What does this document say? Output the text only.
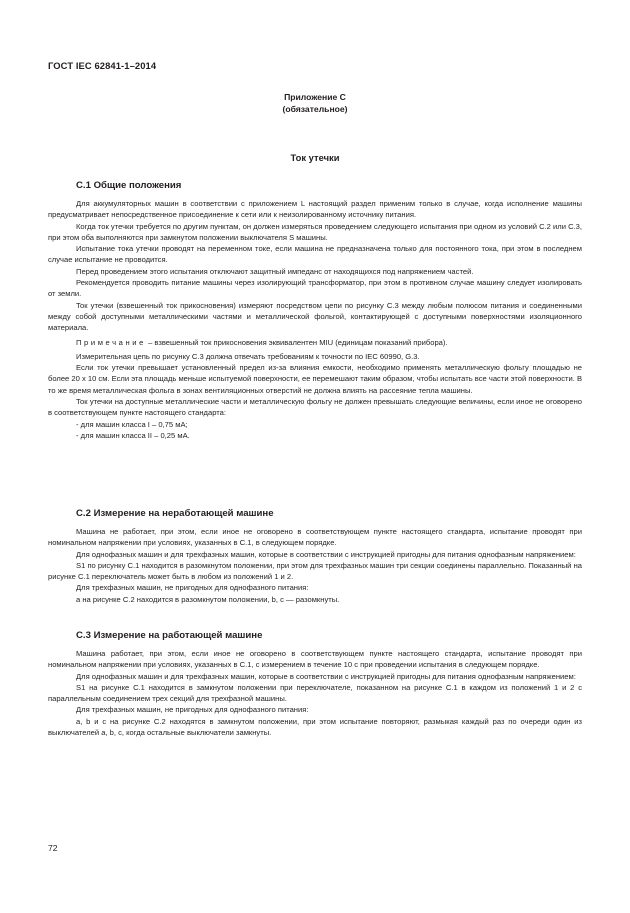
ГОСТ IEC 62841-1–2014
Приложение С
(обязательное)
Ток утечки
С.1 Общие положения

Для аккумуляторных машин в соответствии с приложением L настоящий раздел применим только в случае, когда исполнение машины предусматривает непосредственное присоединение к сети или к неизолированному источнику питания.

Когда ток утечки требуется по другим пунктам, он должен измеряться проведением следующего испытания при одном из условий С.2 или С.3, при этом оба выполняются при замкнутом положении выключателя S машины.

Испытание тока утечки проводят на переменном токе, если машина не предназначена только для постоянного тока, при этом в последнем случае испытание не проводится.

Перед проведением этого испытания отключают защитный импеданс от находящихся под напряжением частей.

Рекомендуется проводить питание машины через изолирующий трансформатор, при этом в противном случае машину следует изолировать от земли.

Ток утечки (взвешенный ток прикосновения) измеряют посредством цепи по рисунку С.3 между любым полюсом питания и соединенными между собой доступными металлическими частями и металлической фольгой, контактирующей с доступными поверхностями изоляционного материала.

Примечание – взвешенный ток прикосновения эквивалентен MIU (единицам показаний прибора).

Измерительная цепь по рисунку С.3 должна отвечать требованиям к точности по IEC 60990, G.3.

Если ток утечки превышает установленный предел из-за влияния емкости, необходимо применять металлическую фольгу площадью не более 20 х 10 см. Если эта площадь меньше испытуемой поверхности, ее перемешают таким образом, чтобы испытать все части этой поверхности. В то же время металлическая фольга в зонах вентиляционных отверстий не должна влиять на рассеяние тепла машины.

Ток утечки на доступные металлические части и металлическую фольгу не должен превышать следующие величины, если иное не оговорено в соответствующем пункте настоящего стандарта:

- для машин класса I – 0,75 мА;

- для машин класса II – 0,25 мА.

С.2 Измерение на неработающей машине

Машина не работает, при этом, если иное не оговорено в соответствующем пункте настоящего стандарта, испытание проводят при номинальном напряжении при условиях, указанных в С.1, в следующем порядке.

Для однофазных машин и для трехфазных машин, которые в соответствии с инструкцией пригодны для питания однофазным напряжением:

S1 по рисунку С.1 находится в разомкнутом положении, при этом для трехфазных машин три секции соединены параллельно. Показанный на рисунке С.1 переключатель может быть в любом из положений 1 и 2.

Для трехфазных машин, не пригодных для однофазного питания:

а на рисунке С.2 находится в разомкнутом положении, b, с — разомкнуты.

С.3 Измерение на работающей машине

Машина работает, при этом, если иное не оговорено в соответствующем пункте настоящего стандарта, испытание проводят при номинальном напряжении при условиях, указанных в С.1, с измерением в течение 10 с при проведении испытания в следующем порядке.

Для однофазных машин и для трехфазных машин, которые в соответствии с инструкцией пригодны для питания однофазным напряжением:

S1 на рисунке С.1 находится в замкнутом положении при переключателе, показанном на рисунке С.1 в каждом из положений 1 и 2 с параллельным соединением трех секций для трехфазной машины.

Для трехфазных машин, не пригодных для однофазного питания:

а, b и с на рисунке С.2 находятся в замкнутом положении, при этом испытание повторяют, размыкая каждый раз по очереди один из выключателей а, b, с, когда остальные выключатели замкнуты.

72
